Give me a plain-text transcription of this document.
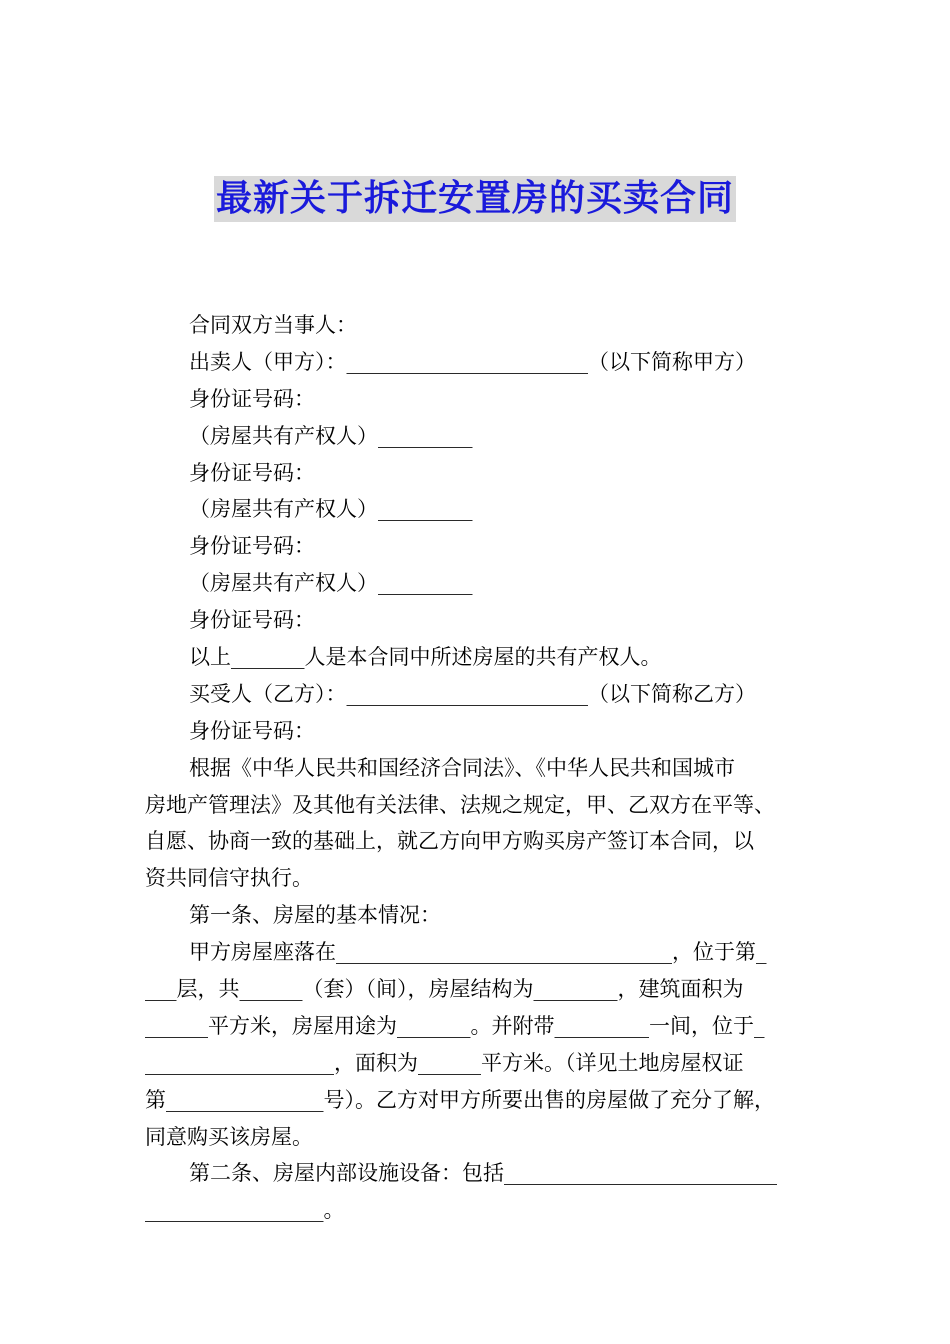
最新关于拆迁安置房的买卖合同
合同双方当事人：
出卖人（甲方）：_______________________（以下简称甲方）
身份证号码：
（房屋共有产权人）_________
身份证号码：
（房屋共有产权人）_________
身份证号码：
（房屋共有产权人）_________
身份证号码：
以上_______人是本合同中所述房屋的共有产权人。
买受人（乙方）：_______________________（以下简称乙方）
身份证号码：
根据《中华人民共和国经济合同法》、《中华人民共和国城市
房地产管理法》及其他有关法律、法规之规定，甲、乙双方在平等、
自愿、协商一致的基础上，就乙方向甲方购买房产签订本合同，以
资共同信守执行。
第一条、房屋的基本情况：
甲方房屋座落在________________________________，位于第_
___层，共______（套）（间），房屋结构为________，建筑面积为
______平方米，房屋用途为_______。并附带_________一间，位于_
__________________，面积为______平方米。（详见土地房屋权证
第_______________号）。乙方对甲方所要出售的房屋做了充分了解，
同意购买该房屋。
第二条、房屋内部设施设备：包括__________________________
_________________。
